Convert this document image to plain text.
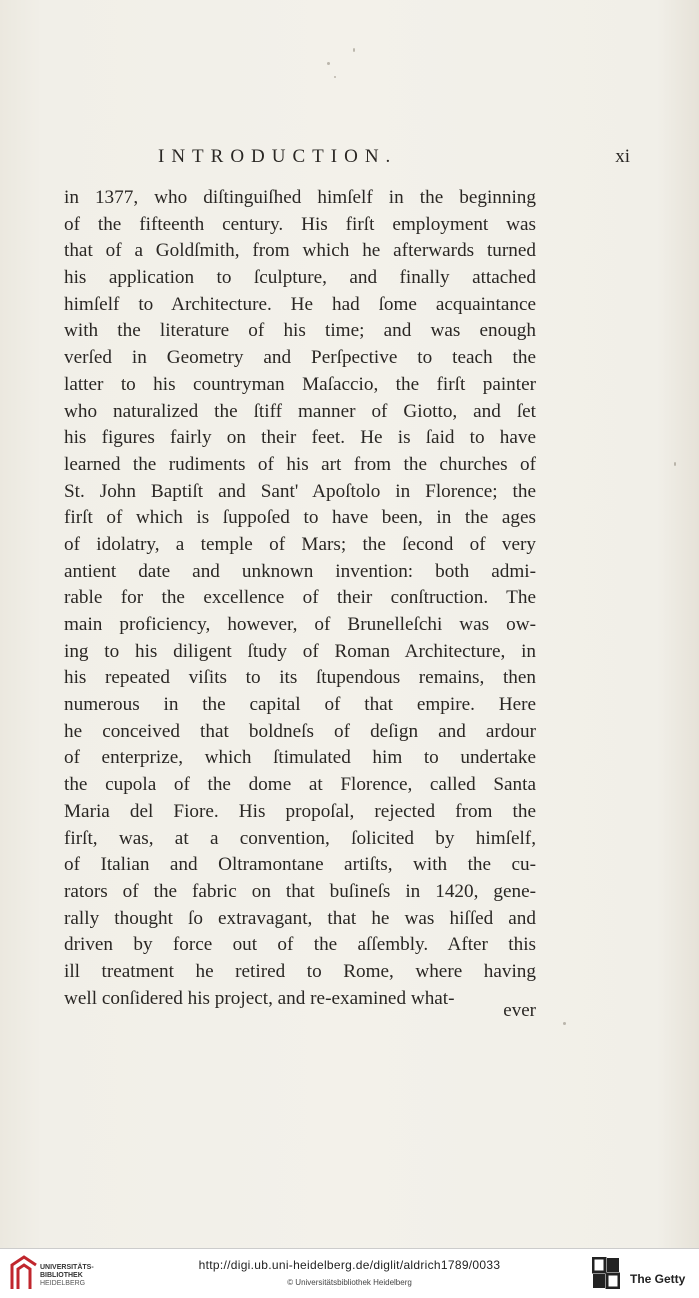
INTRODUCTION.	xi
in 1377, who diſtinguiſhed himſelf in the beginning
of the fifteenth century. His firſt employment was
that of a Goldſmith, from which he afterwards turned
his application to ſculpture, and finally attached
himſelf to Architecture. He had ſome acquaintance
with the literature of his time; and was enough
verſed in Geometry and Perſpective to teach the
latter to his countryman Maſaccio, the firſt painter
who naturalized the ſtiff manner of Giotto, and ſet
his figures fairly on their feet. He is ſaid to have
learned the rudiments of his art from the churches of
St. John Baptiſt and Sant' Apoſtolo in Florence; the
firſt of which is ſuppoſed to have been, in the ages
of idolatry, a temple of Mars; the ſecond of very
antient date and unknown invention: both admi-
rable for the excellence of their conſtruction. The
main proficiency, however, of Brunelleſchi was ow-
ing to his diligent ſtudy of Roman Architecture, in
his repeated viſits to its ſtupendous remains, then
numerous in the capital of that empire. Here
he conceived that boldneſs of deſign and ardour
of enterprize, which ſtimulated him to undertake
the cupola of the dome at Florence, called Santa
Maria del Fiore. His propoſal, rejected from the
firſt, was, at a convention, ſolicited by himſelf,
of Italian and Oltramontane artiſts, with the cu-
rators of the fabric on that buſineſs in 1420, gene-
rally thought ſo extravagant, that he was hiſſed and
driven by force out of the aſſembly. After this
ill treatment he retired to Rome, where having
well conſidered his project, and re-examined what-
ever
UNIVERSITÄTS-
BIBLIOTHEK
HEIDELBERG
http://digi.ub.uni-heidelberg.de/diglit/aldrich1789/0033
© Universitätsbibliothek Heidelberg	The Getty
